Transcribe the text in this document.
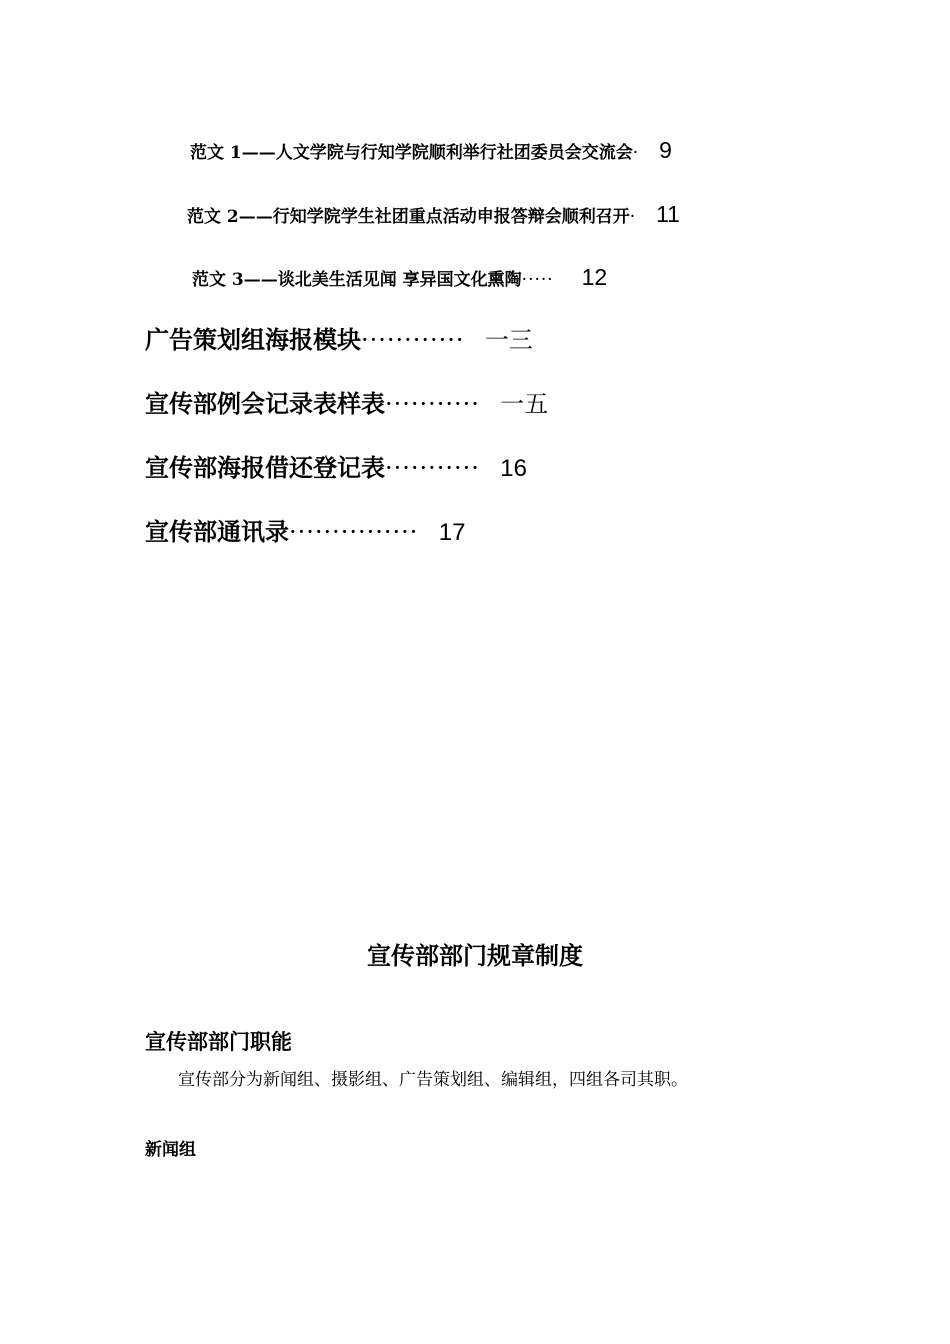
范文 1——人文学院与行知学院顺利举行社团委员会交流会· 9
范文 2——行知学院学生社团重点活动申报答辩会顺利召开· 11
范文 3——谈北美生活见闻 享异国文化熏陶····· 12
广告策划组海报模块············ 一三
宣传部例会记录表样表··········· 一五
宣传部海报借还登记表··········· 16
宣传部通讯录··············· 17
宣传部部门规章制度
宣传部部门职能
宣传部分为新闻组、摄影组、广告策划组、编辑组，四组各司其职。
新闻组
